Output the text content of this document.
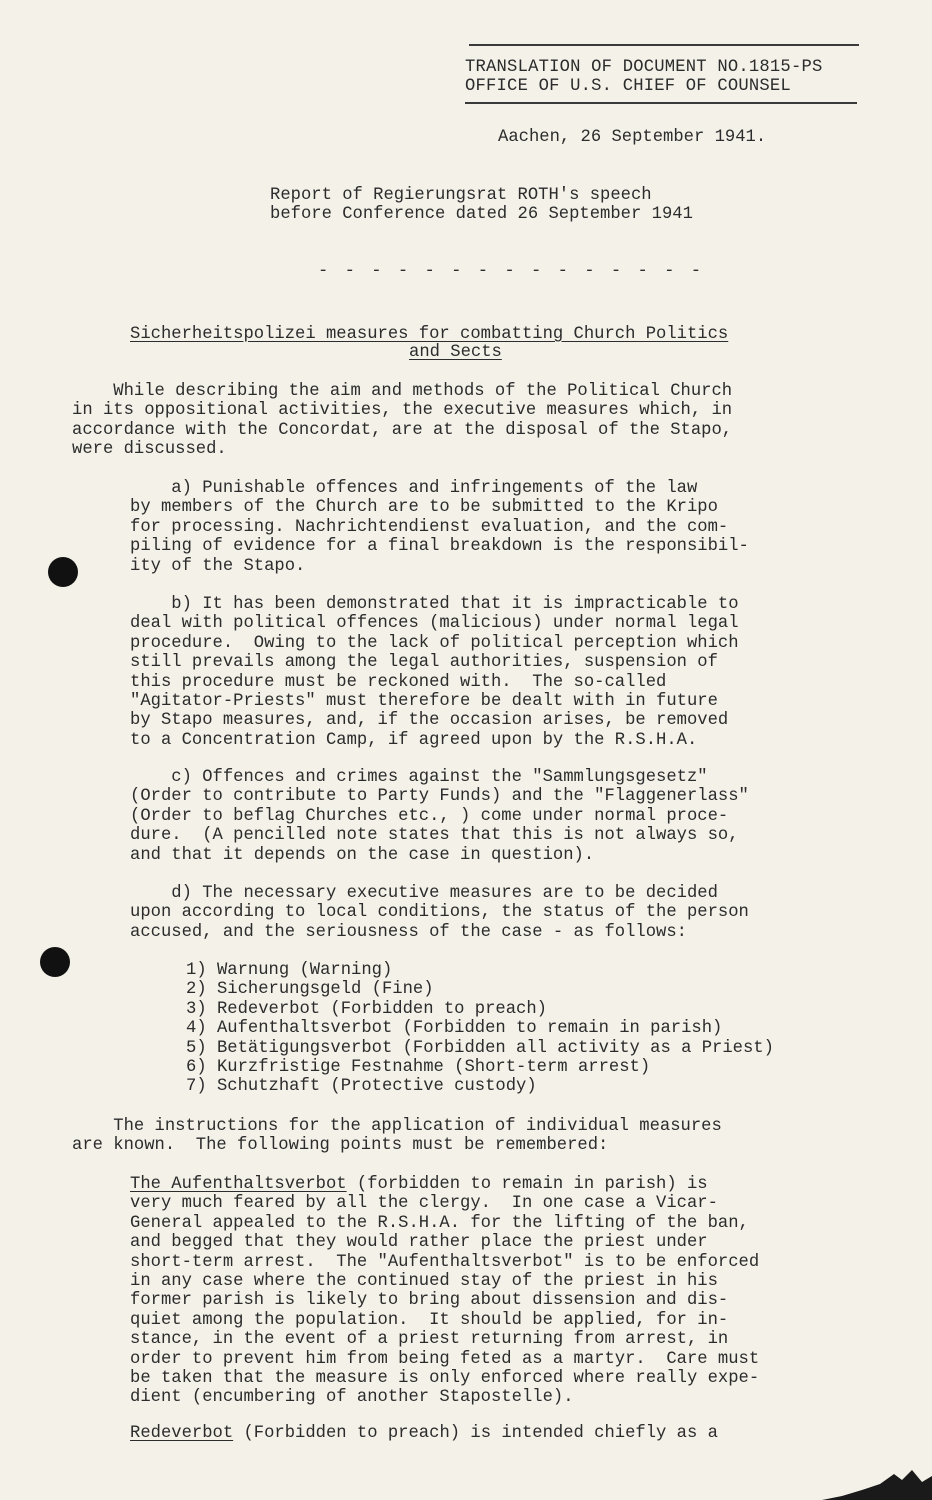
TRANSLATION OF DOCUMENT NO.1815-PS
OFFICE OF U.S. CHIEF OF COUNSEL
Aachen, 26 September 1941.
Report of Regierungsrat ROTH's speech
before Conference dated 26 September 1941
- - - - - - - - - - - - - - -
Sicherheitspolizei measures for combatting Church Politics
and Sects
While describing the aim and methods of the Political Church
in its oppositional activities, the executive measures which, in
accordance with the Concordat, are at the disposal of the Stapo,
were discussed.
a) Punishable offences and infringements of the law
by members of the Church are to be submitted to the Kripo
for processing. Nachrichtendienst evaluation, and the com-
piling of evidence for a final breakdown is the responsibil-
ity of the Stapo.
b) It has been demonstrated that it is impracticable to
deal with political offences (malicious) under normal legal
procedure.  Owing to the lack of political perception which
still prevails among the legal authorities, suspension of
this procedure must be reckoned with.  The so-called
"Agitator-Priests" must therefore be dealt with in future
by Stapo measures, and, if the occasion arises, be removed
to a Concentration Camp, if agreed upon by the R.S.H.A.
c) Offences and crimes against the "Sammlungsgesetz"
(Order to contribute to Party Funds) and the "Flaggenerlass"
(Order to beflag Churches etc., ) come under normal proce-
dure.  (A pencilled note states that this is not always so,
and that it depends on the case in question).
d) The necessary executive measures are to be decided
upon according to local conditions, the status of the person
accused, and the seriousness of the case - as follows:
1) Warnung (Warning)
2) Sicherungsgeld (Fine)
3) Redeverbot (Forbidden to preach)
4) Aufenthaltsverbot (Forbidden to remain in parish)
5) Betätigungsverbot (Forbidden all activity as a Priest)
6) Kurzfristige Festnahme (Short-term arrest)
7) Schutzhaft (Protective custody)
The instructions for the application of individual measures
are known.  The following points must be remembered:
The Aufenthaltsverbot (forbidden to remain in parish) is
very much feared by all the clergy.  In one case a Vicar-
General appealed to the R.S.H.A. for the lifting of the ban,
and begged that they would rather place the priest under
short-term arrest.  The "Aufenthaltsverbot" is to be enforced
in any case where the continued stay of the priest in his
former parish is likely to bring about dissension and dis-
quiet among the population.  It should be applied, for in-
stance, in the event of a priest returning from arrest, in
order to prevent him from being feted as a martyr.  Care must
be taken that the measure is only enforced where really expe-
dient (encumbering of another Stapostelle).
Redeverbot (Forbidden to preach) is intended chiefly as a
